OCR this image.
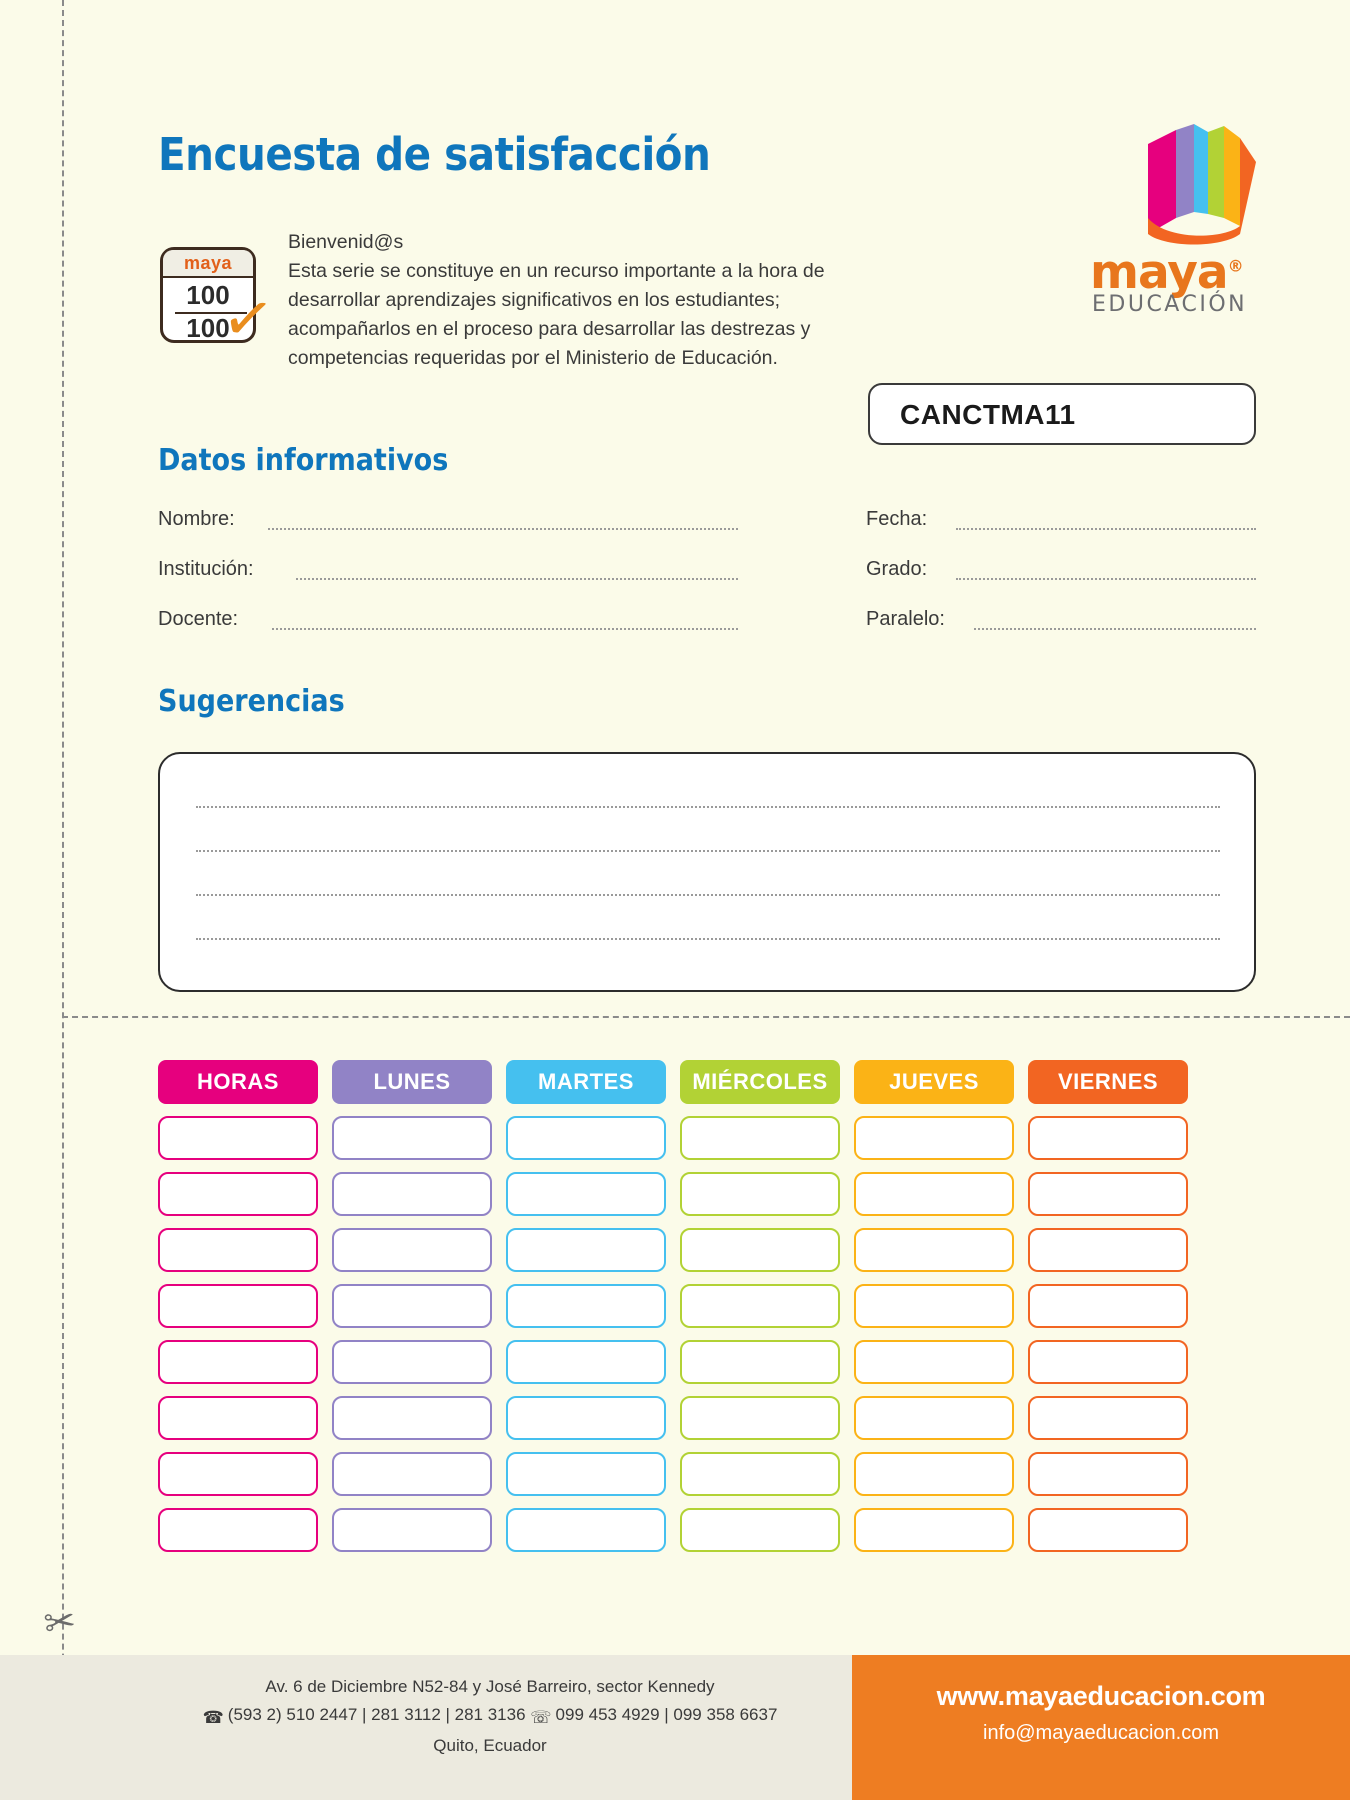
✂
Encuesta de satisfacción
maya
100
100
✓
Bienvenid@s
Esta serie se constituye en un recurso importante a la hora de desarrollar aprendizajes significativos en los estudiantes; acompañarlos en el proceso para desarrollar las destrezas y competencias requeridas por el Ministerio de Educación.
maya®
EDUCACIÓN
CANCTMA11
Datos informativos
Nombre:
Institución:
Docente:
Fecha:
Grado:
Paralelo:
Sugerencias
HORAS	LUNES	MARTES	MIÉRCOLES	JUEVES	VIERNES
Av. 6 de Diciembre N52-84 y José Barreiro, sector Kennedy
☎ (593 2) 510 2447 | 281 3112 | 281 3136 ☏ 099 453 4929 | 099 358 6637
Quito, Ecuador
www.mayaeducacion.com
info@mayaeducacion.com
